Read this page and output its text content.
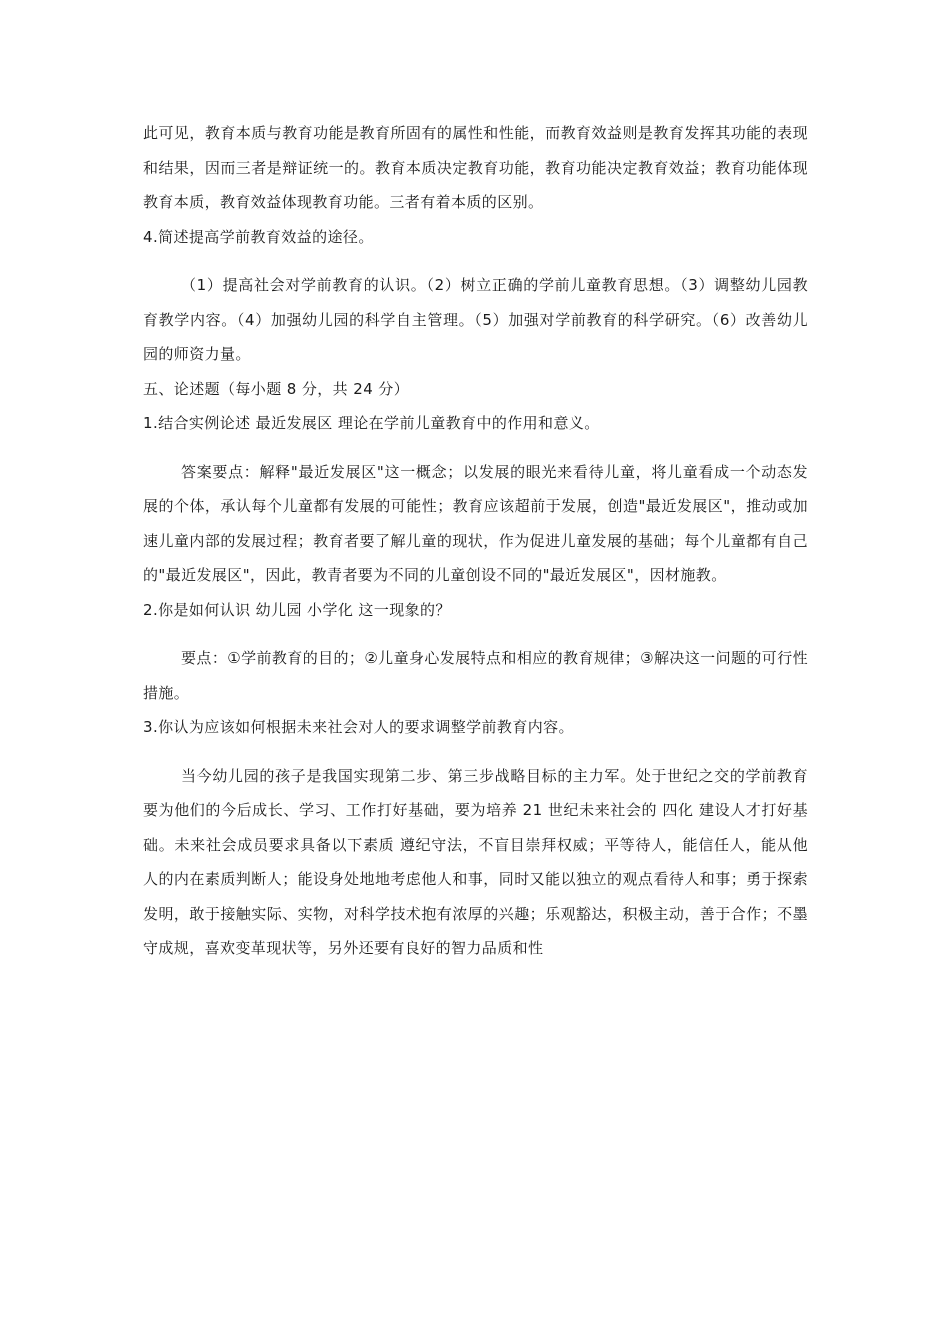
此可见，教育本质与教育功能是教育所固有的属性和性能，而教育效益则是教育发挥其功能的表现和结果，因而三者是辩证统一的。教育本质决定教育功能，教育功能决定教育效益；教育功能体现教育本质，教育效益体现教育功能。三者有着本质的区别。

4.简述提高学前教育效益的途径。

（1）提高社会对学前教育的认识。（2）树立正确的学前儿童教育思想。（3）调整幼儿园教育教学内容。（4）加强幼儿园的科学自主管理。（5）加强对学前教育的科学研究。（6）改善幼儿园的师资力量。

五、论述题（每小题 8 分，共 24 分）

1.结合实例论述 最近发展区 理论在学前儿童教育中的作用和意义。

答案要点：解释"最近发展区"这一概念；以发展的眼光来看待儿童，将儿童看成一个动态发展的个体，承认每个儿童都有发展的可能性；教育应该超前于发展，创造"最近发展区"，推动或加速儿童内部的发展过程；教育者要了解儿童的现状，作为促进儿童发展的基础；每个儿童都有自己的"最近发展区"，因此，教青者要为不同的儿童创设不同的"最近发展区"，因材施教。

2.你是如何认识 幼儿园 小学化 这一现象的？

要点：①学前教育的目的；②儿童身心发展特点和相应的教育规律；③解决这一问题的可行性措施。

3.你认为应该如何根据未来社会对人的要求调整学前教育内容。

当今幼儿园的孩子是我国实现第二步、第三步战略目标的主力军。处于世纪之交的学前教育要为他们的今后成长、学习、工作打好基础，要为培养 21 世纪未来社会的 四化 建设人才打好基础。未来社会成员要求具备以下素质 遵纪守法，不盲目崇拜权威；平等待人，能信任人，能从他人的内在素质判断人；能设身处地地考虑他人和事，同时又能以独立的观点看待人和事；勇于探索发明，敢于接触实际、实物，对科学技术抱有浓厚的兴趣；乐观豁达，积极主动，善于合作；不墨守成规，喜欢变革现状等，另外还要有良好的智力品质和性
